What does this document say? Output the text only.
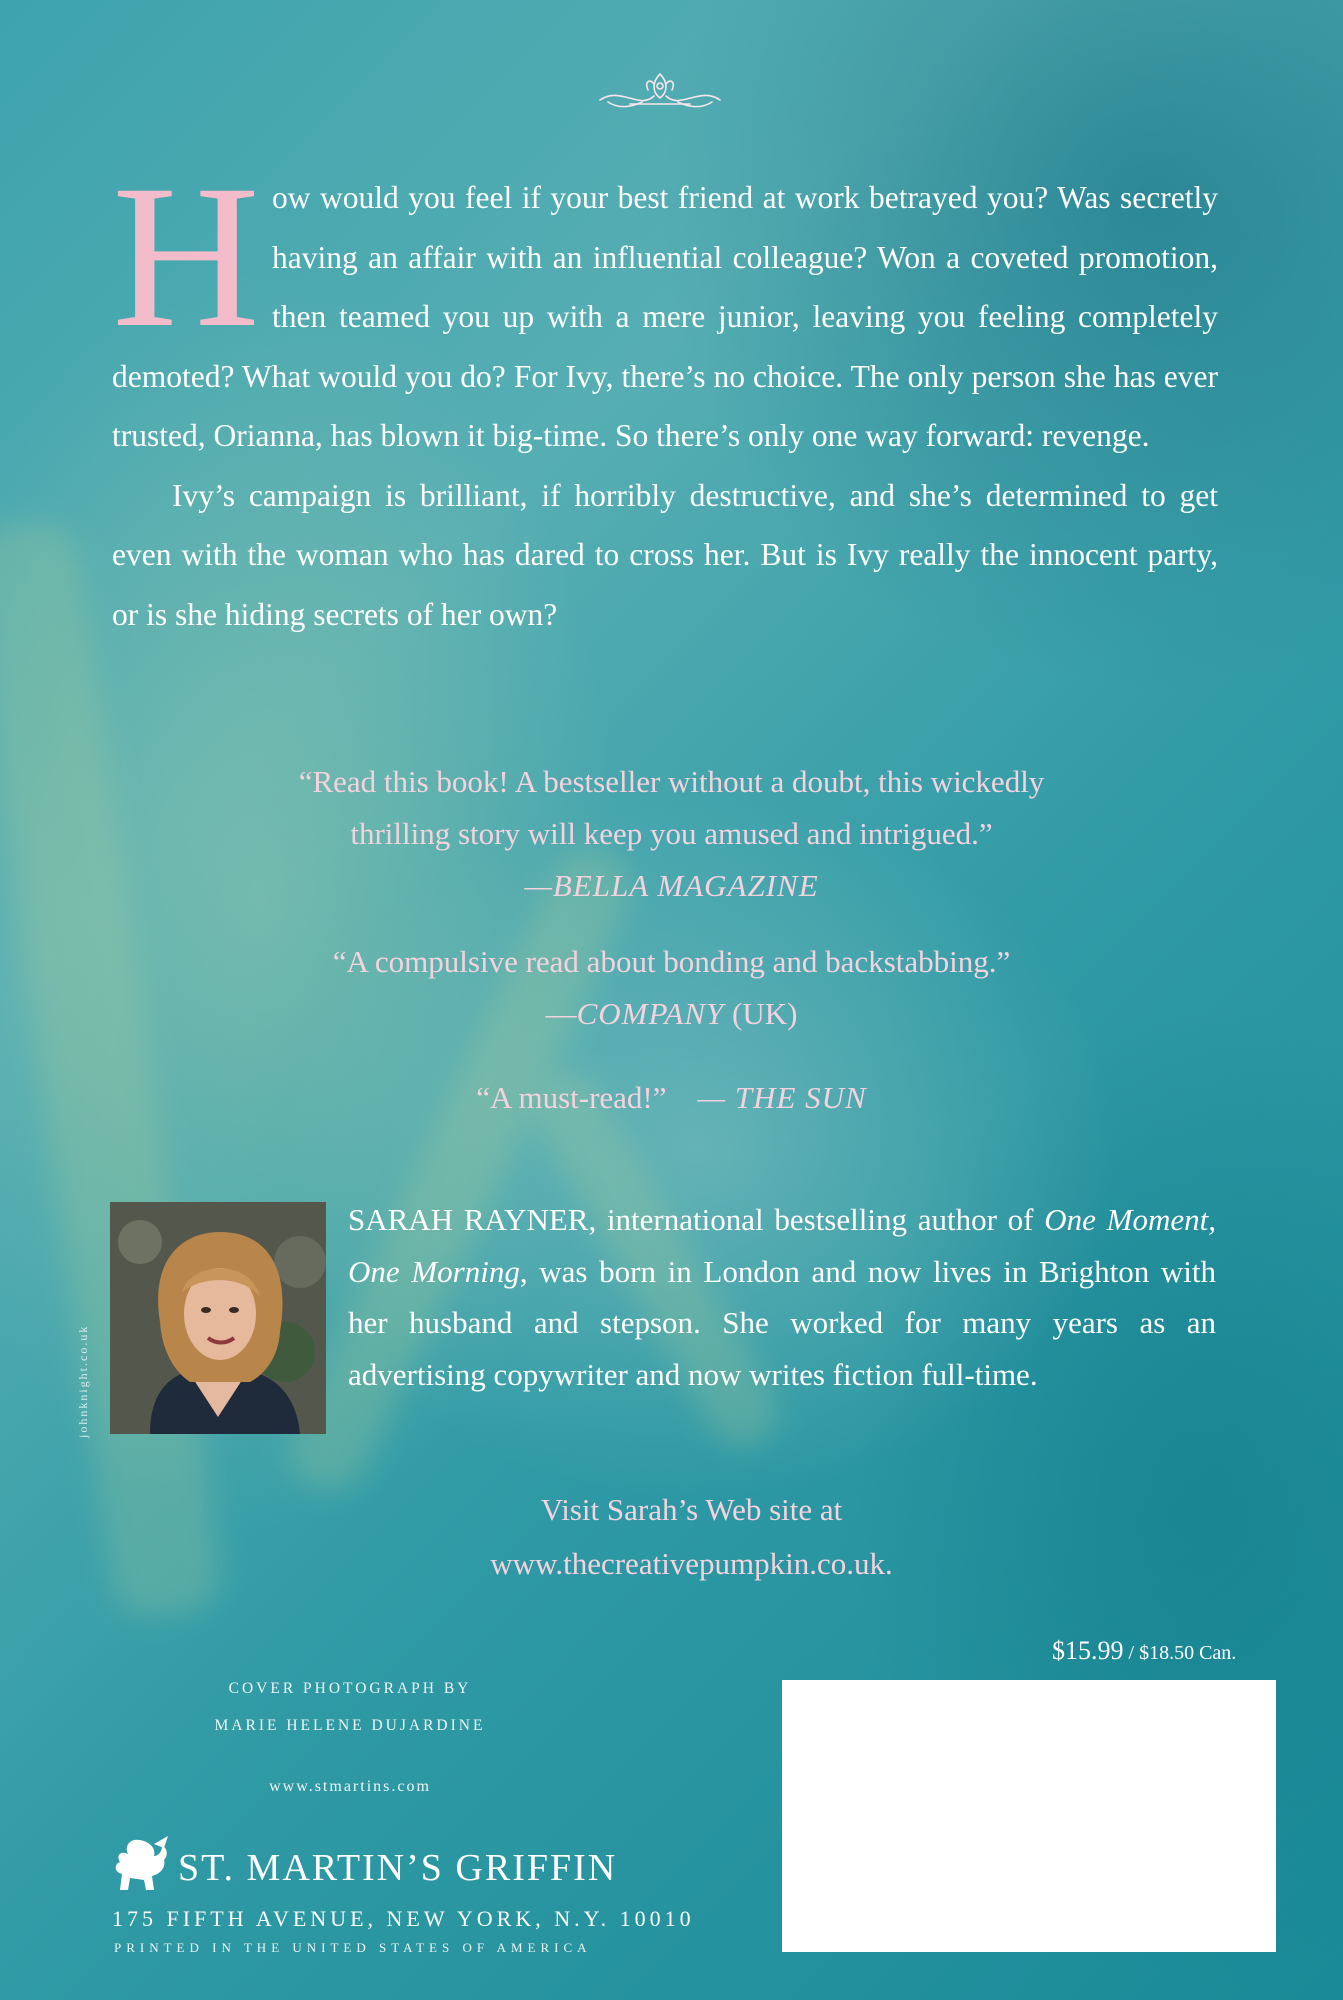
How would you feel if your best friend at work betrayed you? Was secretly having an affair with an influential colleague? Won a coveted promotion, then teamed you up with a mere junior, leaving you feeling completely demoted? What would you do? For Ivy, there’s no choice. The only person she has ever trusted, Orianna, has blown it big-time. So there’s only one way forward: revenge.

Ivy’s campaign is brilliant, if horribly destructive, and she’s determined to get even with the woman who has dared to cross her. But is Ivy really the innocent party, or is she hiding secrets of her own?

“Read this book! A bestseller without a doubt, this wickedly
thrilling story will keep you amused and intrigued.”
—BELLA MAGAZINE
“A compulsive read about bonding and backstabbing.”
—COMPANY (UK)
“A must-read!” — THE SUN
johnknight.co.uk
SARAH RAYNER, international bestselling author of One Moment, One Morning, was born in London and now lives in Brighton with her husband and stepson. She worked for many years as an advertising copywriter and now writes fiction full-time.
Visit Sarah’s Web site at
www.thecreativepumpkin.co.uk.
$15.99 / $18.50 Can.
COVER PHOTOGRAPH BY
MARIE HELENE DUJARDINE
www.stmartins.com
ST. MARTIN’S GRIFFIN
175 FIFTH AVENUE, NEW YORK, N.Y. 10010
PRINTED IN THE UNITED STATES OF AMERICA
